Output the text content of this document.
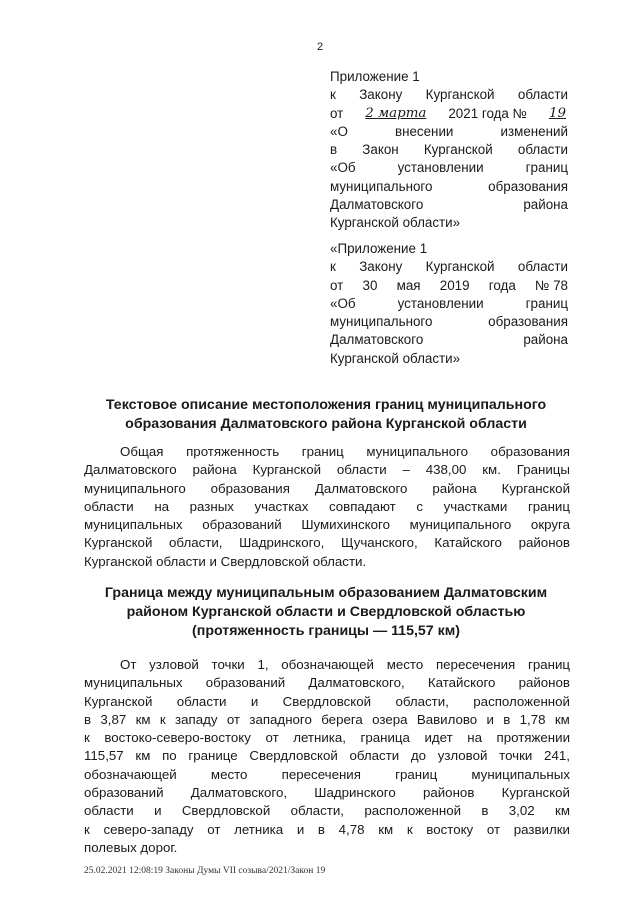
2
Приложение 1
к Закону Курганской области
от 2 марта 2021 года № 19
«О	внесении	изменений
в Закон Курганской области
«Об	установлении	границ
муниципального	образования
Далматовского	района
Курганской области»
«Приложение 1
к Закону Курганской области
от 30 мая 2019 года № 78
«Об	установлении	границ
муниципального	образования
Далматовского	района
Курганской области»
Текстовое описание местоположения границ муниципального
образования Далматовского района Курганской области
Общая протяженность границ муниципального образования
Далматовского района Курганской области – 438,00 км. Границы
муниципального образования Далматовского района Курганской
области на разных участках совпадают с участками границ
муниципальных образований Шумихинского муниципального округа
Курганской области, Шадринского, Щучанского, Катайского районов
Курганской области и Свердловской области.
Граница между муниципальным образованием Далматовским
районом Курганской области и Свердловской областью
(протяженность границы — 115,57 км)
От узловой точки 1, обозначающей место пересечения границ
муниципальных образований Далматовского, Катайского районов
Курганской области и Свердловской области, расположенной
в 3,87 км к западу от западного берега озера Вавилово и в 1,78 км
к востоко-северо-востоку от летника, граница идет на протяжении
115,57 км по границе Свердловской области до узловой точки 241,
обозначающей	место	пересечения	границ	муниципальных
образований Далматовского, Шадринского районов Курганской
области и Свердловской области, расположенной в 3,02 км
к северо-западу от летника и в 4,78 км к востоку от развилки
полевых дорог.
25.02.2021 12:08:19 Законы Думы VII созыва/2021/Закон 19
